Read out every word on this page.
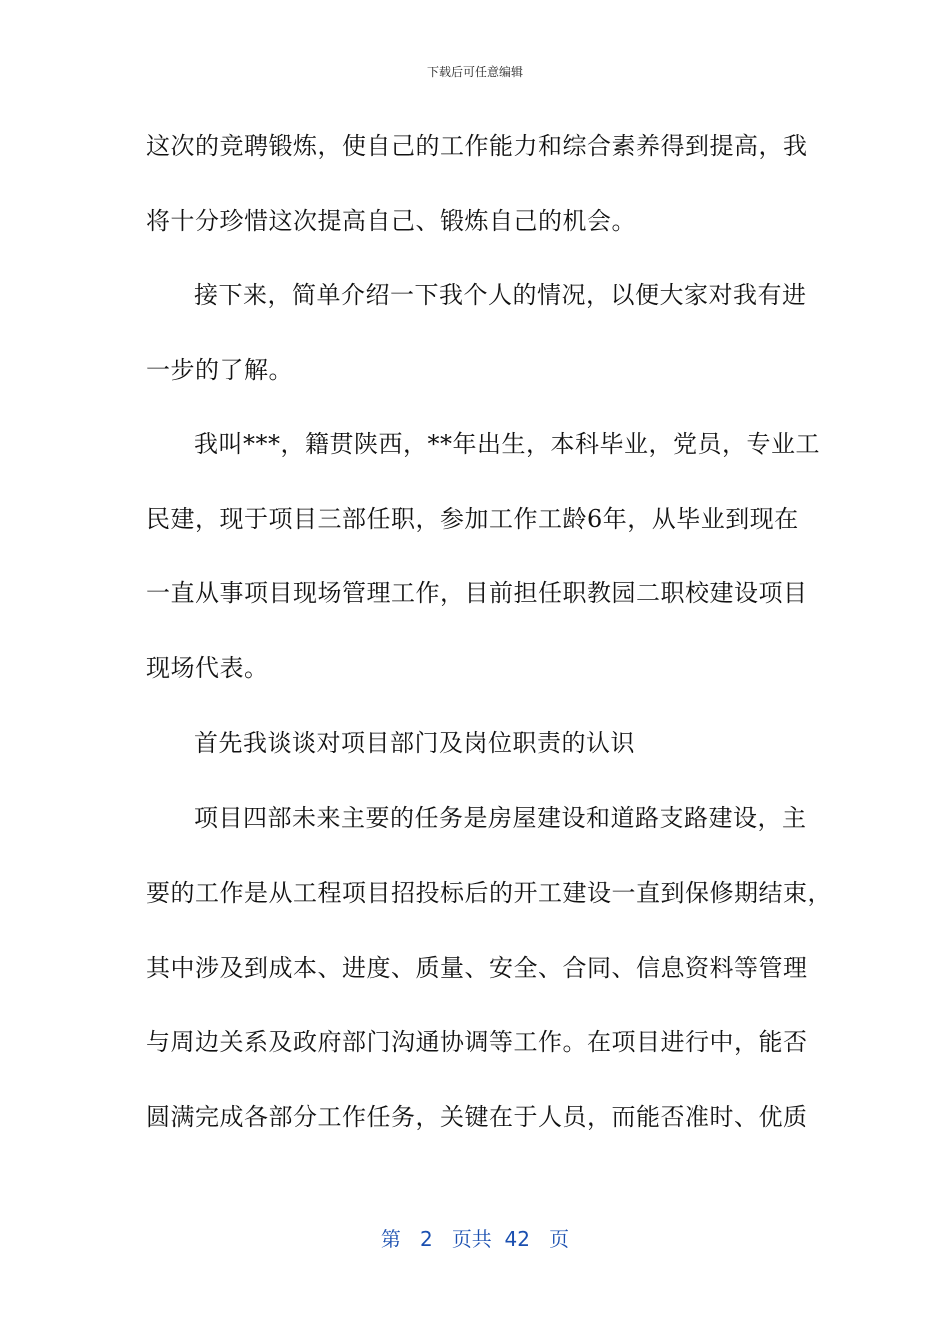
下载后可任意编辑
这次的竞聘锻炼，使自己的工作能力和综合素养得到提高，我
将十分珍惜这次提高自己、锻炼自己的机会。
接下来，简单介绍一下我个人的情况，以便大家对我有进
一步的了解。
我叫***，籍贯陕西，**年出生，本科毕业，党员，专业工
民建，现于项目三部任职，参加工作工龄6年，从毕业到现在
一直从事项目现场管理工作，目前担任职教园二职校建设项目
现场代表。
首先我谈谈对项目部门及岗位职责的认识
项目四部未来主要的任务是房屋建设和道路支路建设，主
要的工作是从工程项目招投标后的开工建设一直到保修期结束，
其中涉及到成本、进度、质量、安全、合同、信息资料等管理
与周边关系及政府部门沟通协调等工作。在项目进行中，能否
圆满完成各部分工作任务，关键在于人员，而能否准时、优质
第 2 页共 42 页
